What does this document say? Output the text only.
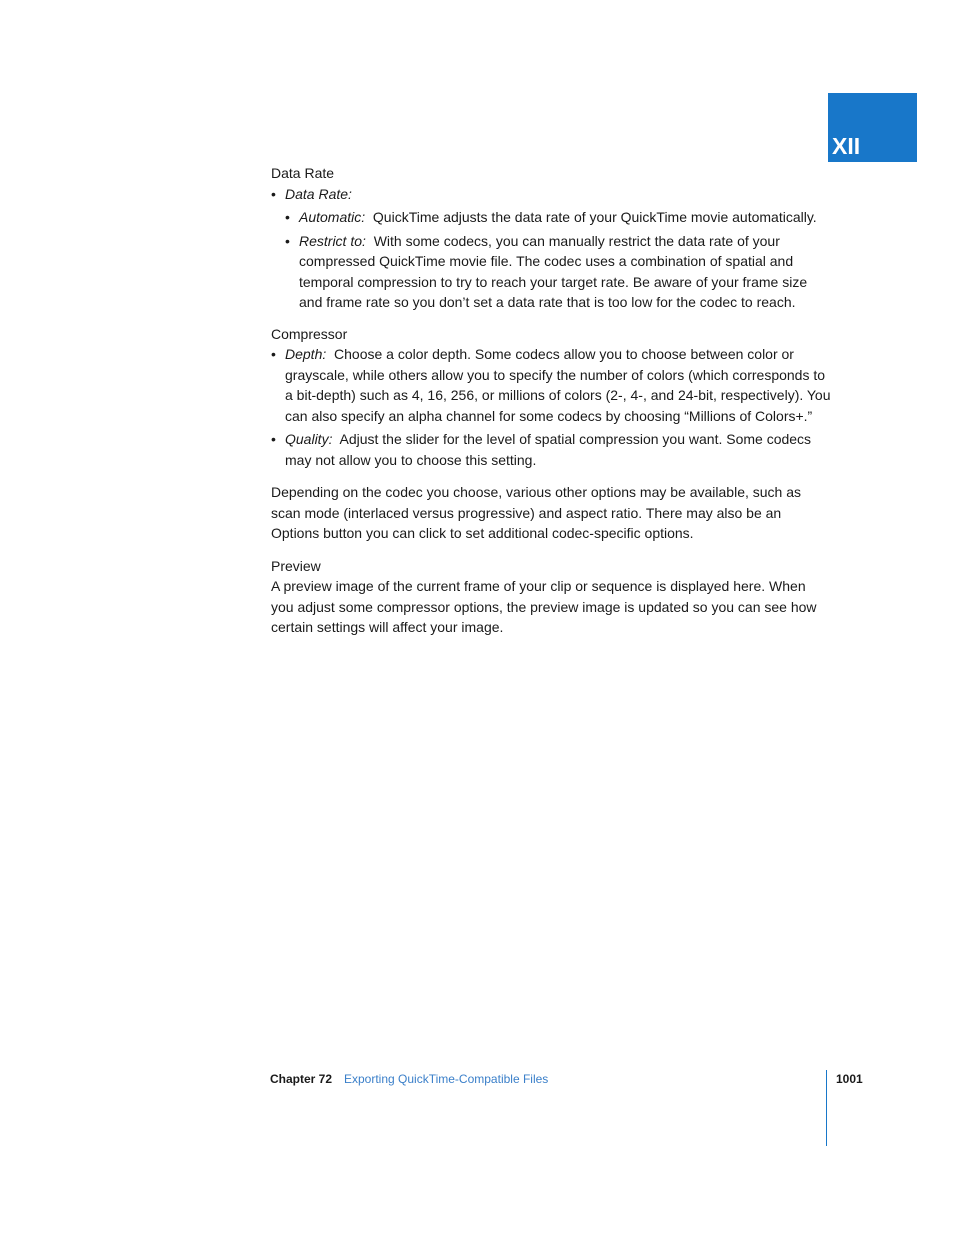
XII

Data Rate

• Data Rate:

• Automatic: QuickTime adjusts the data rate of your QuickTime movie automatically.

• Restrict to: With some codecs, you can manually restrict the data rate of your compressed QuickTime movie file. The codec uses a combination of spatial and temporal compression to try to reach your target rate. Be aware of your frame size and frame rate so you don’t set a data rate that is too low for the codec to reach.

Compressor

• Depth: Choose a color depth. Some codecs allow you to choose between color or grayscale, while others allow you to specify the number of colors (which corresponds to a bit-depth) such as 4, 16, 256, or millions of colors (2-, 4-, and 24-bit, respectively). You can also specify an alpha channel for some codecs by choosing “Millions of Colors+.”

• Quality: Adjust the slider for the level of spatial compression you want. Some codecs may not allow you to choose this setting.

Depending on the codec you choose, various other options may be available, such as scan mode (interlaced versus progressive) and aspect ratio. There may also be an Options button you can click to set additional codec-specific options.

Preview

A preview image of the current frame of your clip or sequence is displayed here. When you adjust some compressor options, the preview image is updated so you can see how certain settings will affect your image.

Chapter 72 Exporting QuickTime-Compatible Files	1001
